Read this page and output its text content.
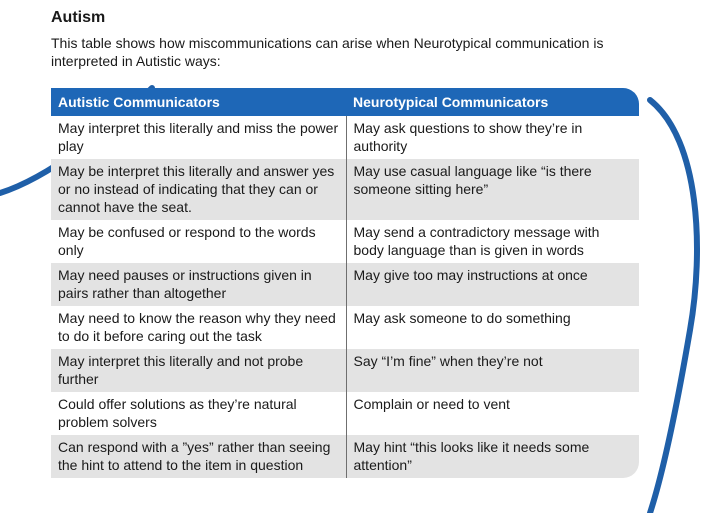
Autism

This table shows how miscommunications can arise when Neurotypical communication is interpreted in Autistic ways:

Autistic Communicators	Neurotypical Communicators
May interpret this literally and miss the power play	May ask questions to show they’re in authority
May be interpret this literally and answer yes or no instead of indicating that they can or cannot have the seat.	May use casual language like “is there someone sitting here”
May be confused or respond to the words only	May send a contradictory message with body language than is given in words
May need pauses or instructions given in pairs rather than altogether	May give too may instructions at once
May need to know the reason why they need to do it before caring out the task	May ask someone to do something
May interpret this literally and not probe further	Say “I’m fine” when they’re not
Could offer solutions as they’re natural problem solvers	Complain or need to vent
Can respond with a ”yes” rather than seeing the hint to attend to the item in question	May hint “this looks like it needs some attention”
